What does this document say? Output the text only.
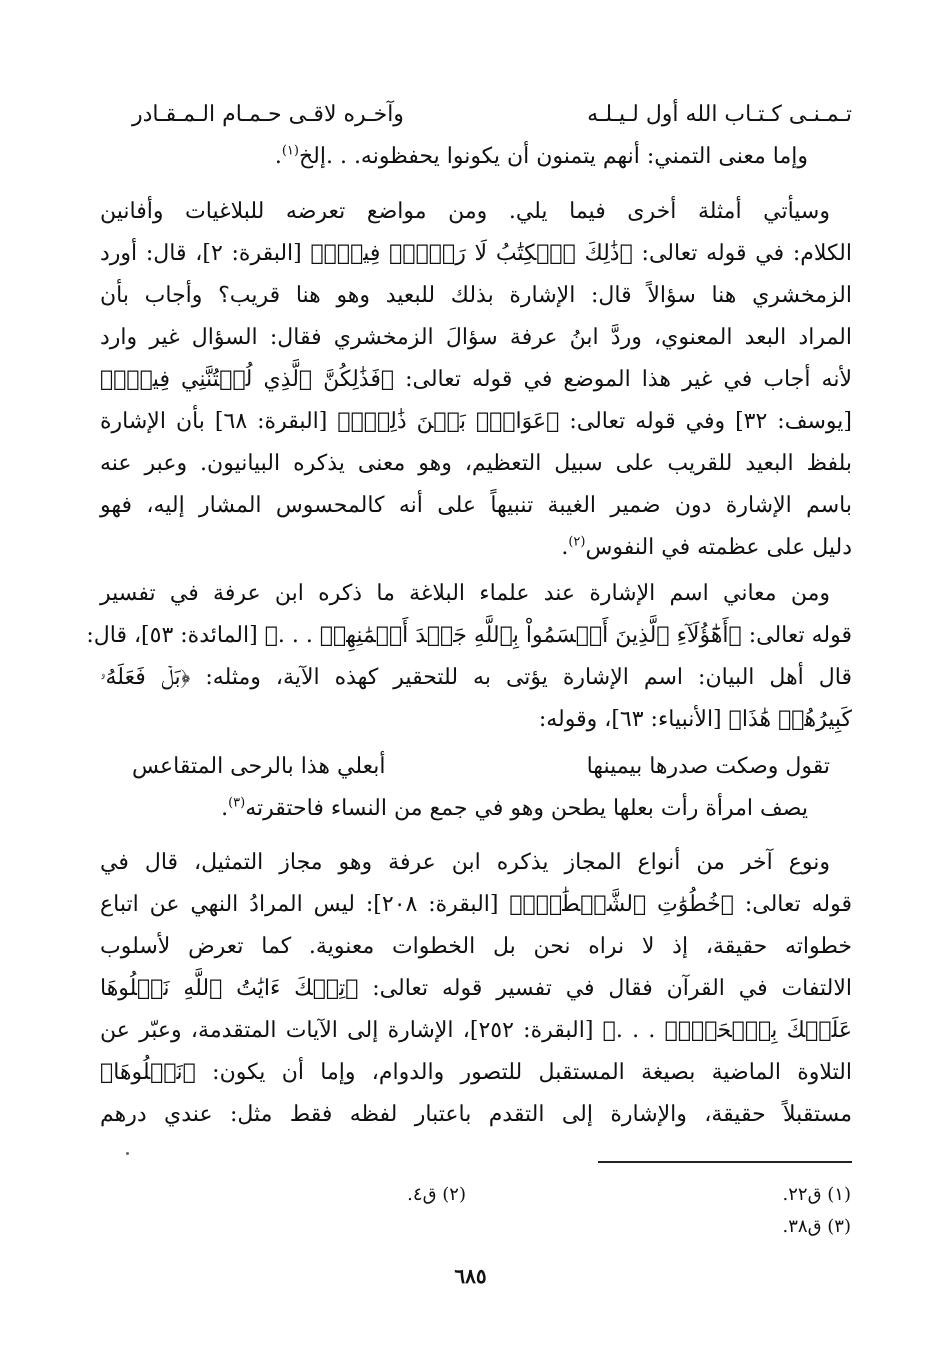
تـمـنـى كـتـاب الله أول لـيـلـه
وآخـره لاقـى حـمـام الـمـقـادر
وإما معنى التمني: أنهم يتمنون أن يكونوا يحفظونه. . .إلخ$^{(١)}$.
وسيأتي أمثلة أخرى فيما يلي. ومن مواضع تعرضه للبلاغيات وأفانين
الكلام: في قوله تعالى: ﴿ذَٰلِكَ ٱلۡكِتَٰبُ لَا رَيۡبَۛ فِيهِۛ﴾ [البقرة: ٢]، قال: أورد
الزمخشري هنا سؤالاً قال: الإشارة بذلك للبعيد وهو هنا قريب؟ وأجاب بأن
المراد البعد المعنوي، وردَّ ابنُ عرفة سؤالَ الزمخشري فقال: السؤال غير وارد
لأنه أجاب في غير هذا الموضع في قوله تعالى: ﴿فَذَٰلِكُنَّ ٱلَّذِي لُمۡتُنَّنِي فِيهِۖ﴾
[يوسف: ٣٢] وفي قوله تعالى: ﴿عَوَانُۢ بَيۡنَ ذَٰلِكَۖ﴾ [البقرة: ٦٨] بأن الإشارة
بلفظ البعيد للقريب على سبيل التعظيم، وهو معنى يذكره البيانيون. وعبر عنه
باسم الإشارة دون ضمير الغيبة تنبيهاً على أنه كالمحسوس المشار إليه، فهو
دليل على عظمته في النفوس$^{(٢)}$.
ومن معاني اسم الإشارة عند علماء البلاغة ما ذكره ابن عرفة في تفسير
قوله تعالى: ﴿أَهَٰٓؤُلَآءِ ٱلَّذِينَ أَقۡسَمُواْ بِٱللَّهِ جَهۡدَ أَيۡمَٰنِهِمۡ . . .﴾ [المائدة: ٥٣]، قال:
قال أهل البيان: اسم الإشارة يؤتى به للتحقير كهذه الآية، ومثله: ﴿بَلۡ فَعَلَهُۥ
كَبِيرُهُمۡ هَٰذَا﴾ [الأنبياء: ٦٣]، وقوله:
تقول وصكت صدرها بيمينها
أبعلي هذا بالرحى المتقاعس
يصف امرأة رأت بعلها يطحن وهو في جمع من النساء فاحتقرته$^{(٣)}$.
ونوع آخر من أنواع المجاز يذكره ابن عرفة وهو مجاز التمثيل، قال في
قوله تعالى: ﴿خُطُوَٰتِ ٱلشَّيۡطَٰنِۚ﴾ [البقرة: ٢٠٨]: ليس المرادُ النهي عن اتباع
خطواته حقيقة، إذ لا نراه نحن بل الخطوات معنوية. كما تعرض لأسلوب
الالتفات في القرآن فقال في تفسير قوله تعالى: ﴿تِلۡكَ ءَايَٰتُ ٱللَّهِ نَتۡلُوهَا
عَلَيۡكَ بِٱلۡحَقِّۚ . . .﴾ [البقرة: ٢٥٢]، الإشارة إلى الآيات المتقدمة، وعبّر عن
التلاوة الماضية بصيغة المستقبل للتصور والدوام، وإما أن يكون: ﴿نَتۡلُوهَا﴾
مستقبلاً حقيقة، والإشارة إلى التقدم باعتبار لفظه فقط مثل: عندي درهم
(١) ق٢٢.
(٢) ق٤.
(٣) ق٣٨.
٦٨٥
